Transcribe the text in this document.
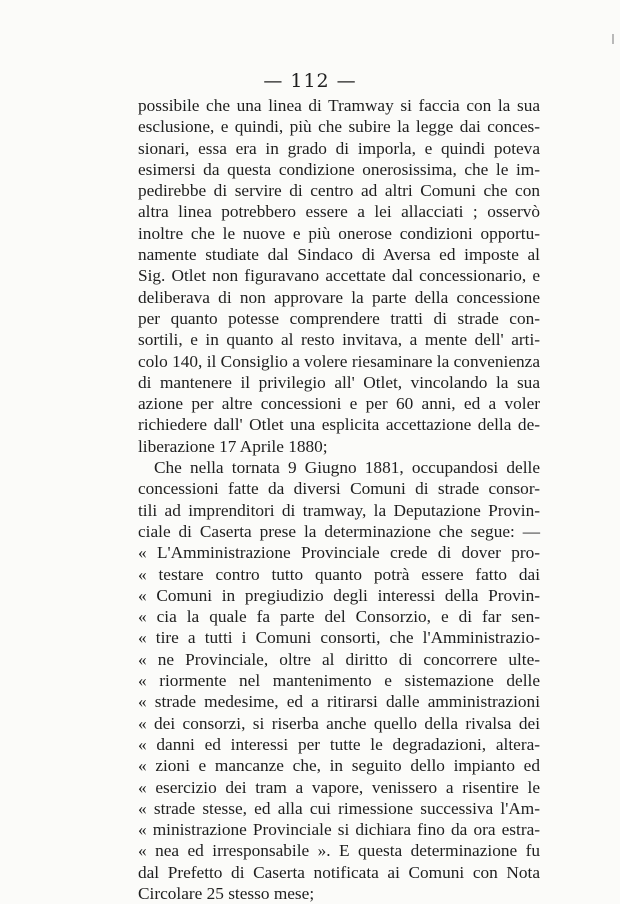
— 112 —
possibile che una linea di Tramway si faccia con la sua
esclusione, e quindi, più che subire la legge dai conces-
sionari, essa era in grado di imporla, e quindi poteva
esimersi da questa condizione onerosissima, che le im-
pedirebbe di servire di centro ad altri Comuni che con
altra linea potrebbero essere a lei allacciati ; osservò
inoltre che le nuove e più onerose condizioni opportu-
namente studiate dal Sindaco di Aversa ed imposte al
Sig. Otlet non figuravano accettate dal concessionario, e
deliberava di non approvare la parte della concessione
per quanto potesse comprendere tratti di strade con-
sortili, e in quanto al resto invitava, a mente dell' arti-
colo 140, il Consiglio a volere riesaminare la convenienza
di mantenere il privilegio all' Otlet, vincolando la sua
azione per altre concessioni e per 60 anni, ed a voler
richiedere dall' Otlet una esplicita accettazione della de-
liberazione 17 Aprile 1880;
Che nella tornata 9 Giugno 1881, occupandosi delle
concessioni fatte da diversi Comuni di strade consor-
tili ad imprenditori di tramway, la Deputazione Provin-
ciale di Caserta prese la determinazione che segue: —
« L'Amministrazione Provinciale crede di dover pro-
« testare contro tutto quanto potrà essere fatto dai
« Comuni in pregiudizio degli interessi della Provin-
« cia la quale fa parte del Consorzio, e di far sen-
« tire a tutti i Comuni consorti, che l'Amministrazio-
« ne Provinciale, oltre al diritto di concorrere ulte-
« riormente nel mantenimento e sistemazione delle
« strade medesime, ed a ritirarsi dalle amministrazioni
« dei consorzi, si riserba anche quello della rivalsa dei
« danni ed interessi per tutte le degradazioni, altera-
« zioni e mancanze che, in seguito dello impianto ed
« esercizio dei tram a vapore, venissero a risentire le
« strade stesse, ed alla cui rimessione successiva l'Am-
« ministrazione Provinciale si dichiara fino da ora estra-
« nea ed irresponsabile ». E questa determinazione fu
dal Prefetto di Caserta notificata ai Comuni con Nota
Circolare 25 stesso mese;
